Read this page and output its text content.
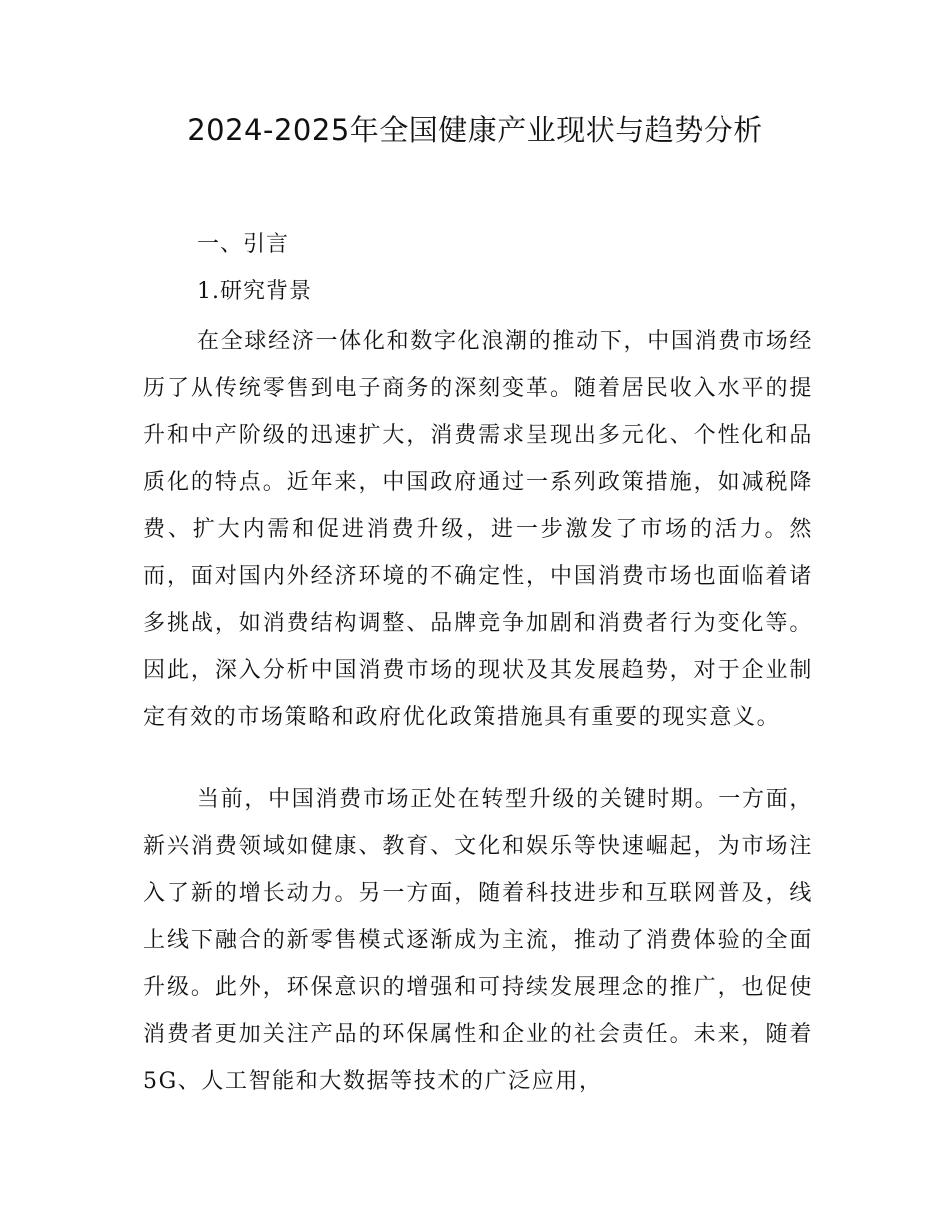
2024-2025年全国健康产业现状与趋势分析
一、引言
1.研究背景

在全球经济一体化和数字化浪潮的推动下，中国消费市场经历了从传统零售到电子商务的深刻变革。随着居民收入水平的提升和中产阶级的迅速扩大，消费需求呈现出多元化、个性化和品质化的特点。近年来，中国政府通过一系列政策措施，如减税降费、扩大内需和促进消费升级，进一步激发了市场的活力。然而，面对国内外经济环境的不确定性，中国消费市场也面临着诸多挑战，如消费结构调整、品牌竞争加剧和消费者行为变化等。因此，深入分析中国消费市场的现状及其发展趋势，对于企业制定有效的市场策略和政府优化政策措施具有重要的现实意义。

当前，中国消费市场正处在转型升级的关键时期。一方面，新兴消费领域如健康、教育、文化和娱乐等快速崛起，为市场注入了新的增长动力。另一方面，随着科技进步和互联网普及，线上线下融合的新零售模式逐渐成为主流，推动了消费体验的全面升级。此外，环保意识的增强和可持续发展理念的推广，也促使消费者更加关注产品的环保属性和企业的社会责任。未来，随着5G、人工智能和大数据等技术的广泛应用，
